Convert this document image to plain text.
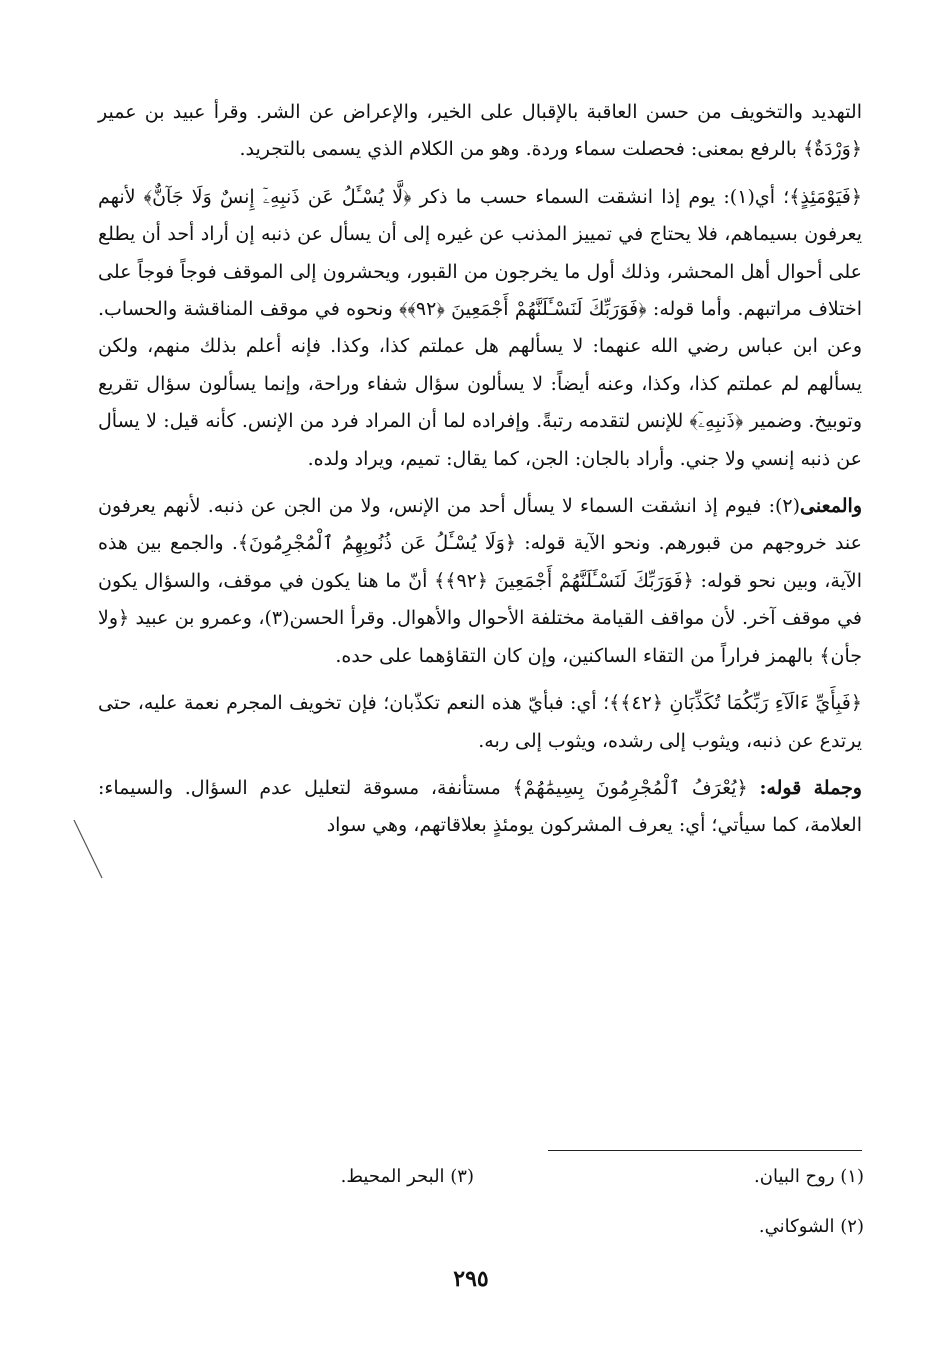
التهديد والتخويف من حسن العاقبة بالإقبال على الخير، والإعراض عن الشر. وقرأ عبيد بن عمير ﴿وَرْدَةٌ﴾ بالرفع بمعنى: فحصلت سماء وردة. وهو من الكلام الذي يسمى بالتجريد.

﴿فَيَوْمَئِذٍ﴾؛ أي(١): يوم إذا انشقت السماء حسب ما ذكر ﴿لَّا يُسْـَٔلُ عَن ذَنبِهِۦٓ إِنسٌ وَلَا جَآنٌّ﴾ لأنهم يعرفون بسيماهم، فلا يحتاج في تمييز المذنب عن غيره إلى أن يسأل عن ذنبه إن أراد أحد أن يطلع على أحوال أهل المحشر، وذلك أول ما يخرجون من القبور، ويحشرون إلى الموقف فوجاً فوجاً على اختلاف مراتبهم. وأما قوله: ﴿فَوَرَبِّكَ لَنَسْـَٔلَنَّهُمْ أَجْمَعِينَ ﴿٩٢﴾﴾ ونحوه في موقف المناقشة والحساب. وعن ابن عباس رضي الله عنهما: لا يسألهم هل عملتم كذا، وكذا. فإنه أعلم بذلك منهم، ولكن يسألهم لم عملتم كذا، وكذا، وعنه أيضاً: لا يسألون سؤال شفاء وراحة، وإنما يسألون سؤال تقريع وتوبيخ. وضمير ﴿ذَنبِهِۦٓ﴾ للإنس لتقدمه رتبةً. وإفراده لما أن المراد فرد من الإنس. كأنه قيل: لا يسأل عن ذنبه إنسي ولا جني. وأراد بالجان: الجن، كما يقال: تميم، ويراد ولده.

والمعنى(٢): فيوم إذ انشقت السماء لا يسأل أحد من الإنس، ولا من الجن عن ذنبه. لأنهم يعرفون عند خروجهم من قبورهم. ونحو الآية قوله: ﴿وَلَا يُسْـَٔلُ عَن ذُنُوبِهِمُ ٱلْمُجْرِمُونَ﴾. والجمع بين هذه الآية، وبين نحو قوله: ﴿فَوَرَبِّكَ لَنَسْـَٔلَنَّهُمْ أَجْمَعِينَ ﴿٩٢﴾﴾ أنّ ما هنا يكون في موقف، والسؤال يكون في موقف آخر. لأن مواقف القيامة مختلفة الأحوال والأهوال. وقرأ الحسن(٣)، وعمرو بن عبيد ﴿ولا جأن﴾ بالهمز فراراً من التقاء الساكنين، وإن كان التقاؤهما على حده.

﴿فَبِأَيِّ ءَالَآءِ رَبِّكُمَا تُكَذِّبَانِ ﴿٤٢﴾﴾؛ أي: فبأيّ هذه النعم تكذّبان؛ فإن تخويف المجرم نعمة عليه، حتى يرتدع عن ذنبه، ويثوب إلى رشده، ويثوب إلى ربه.

وجملة قوله: ﴿يُعْرَفُ ٱلْمُجْرِمُونَ بِسِيمَٰهُمْ﴾ مستأنفة، مسوقة لتعليل عدم السؤال. والسيماء: العلامة، كما سيأتي؛ أي: يعرف المشركون يومئذٍ بعلاقاتهم، وهي سواد

(١) روح البيان.
(٣) البحر المحيط.
(٢) الشوكاني.
٢٩٥
